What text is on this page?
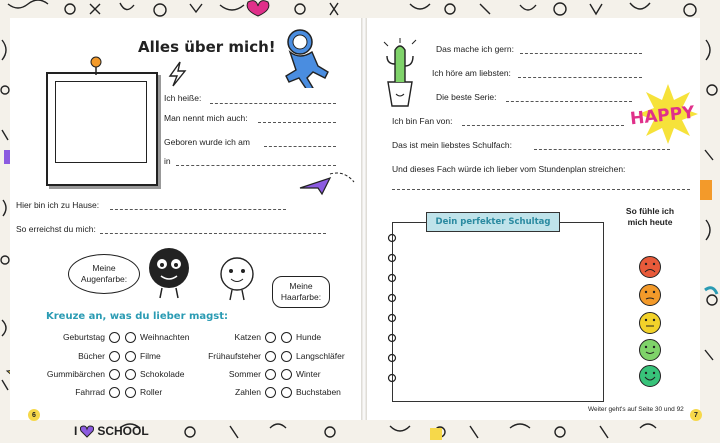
Alles über mich!
Ich heiße:
Man nennt mich auch:
Geboren wurde ich am
in
Hier bin ich zu Hause:
So erreichst du mich:
Meine Augenfarbe:
Meine Haarfarbe:
Kreuze an, was du lieber magst:
Geburtstag	Weihnachten
Bücher	Filme
Gummibärchen	Schokolade
Fahrrad	Roller
Katzen	Hunde
Frühaufsteher	Langschläfer
Sommer	Winter
Zahlen	Buchstaben
6
I SCHOOL
Das mache ich gern:
Ich höre am liebsten:
Die beste Serie:
Ich bin Fan von:
Das ist mein liebstes Schulfach:
Und dieses Fach würde ich lieber vom Stundenplan streichen:
HAPPY
Dein perfekter Schultag
So fühle ich mich heute
Weiter geht's auf Seite 30 und 92
7
